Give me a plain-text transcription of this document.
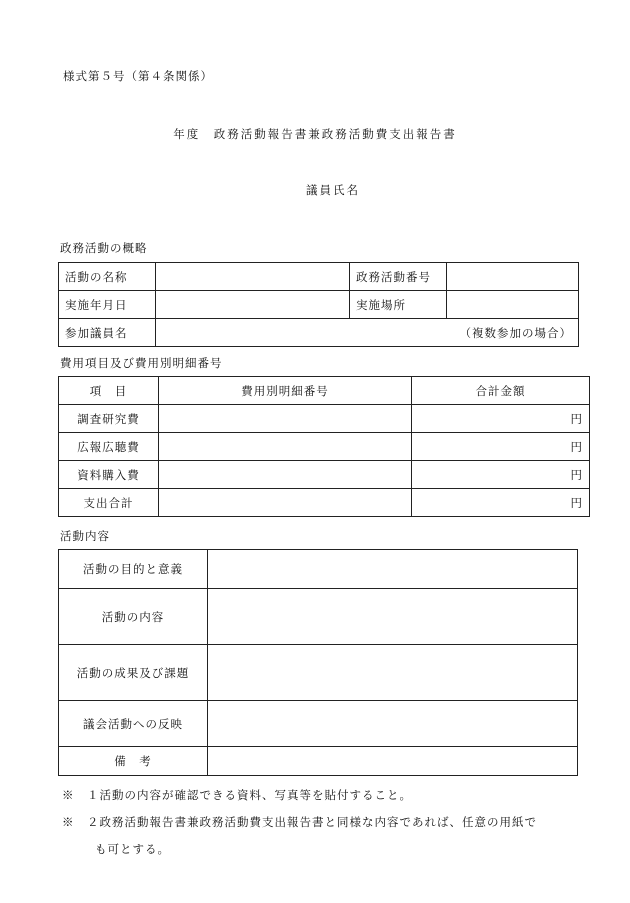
様式第５号（第４条関係）
年度　政務活動報告書兼政務活動費支出報告書
議員氏名
政務活動の概略
活動の名称		政務活動番号	
実施年月日		実施場所	
参加議員名	（複数参加の場合）		
費用項目及び費用別明細番号
項　目	費用別明細番号	合計金額
調査研究費		円
広報広聴費		円
資料購入費		円
支出合計		円
活動内容
活動の目的と意義	
活動の内容	
活動の成果及び課題	
議会活動への反映	
備　考	
※　１活動の内容が確認できる資料、写真等を貼付すること。
※　２政務活動報告書兼政務活動費支出報告書と同様な内容であれば、任意の用紙で
も可とする。
